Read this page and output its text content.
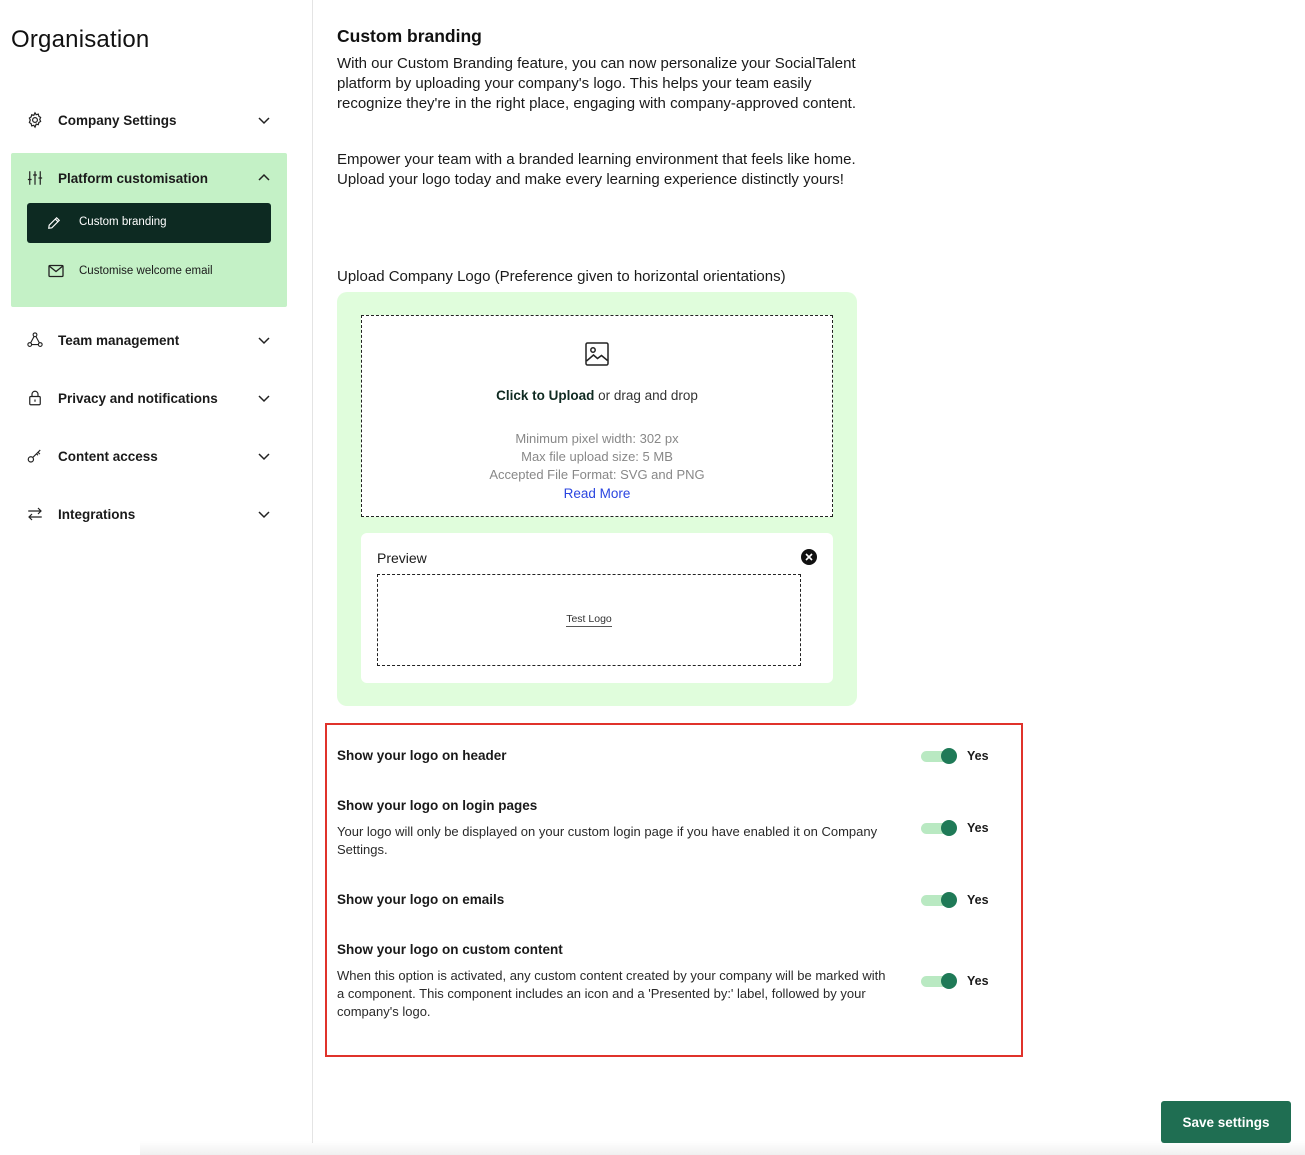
Organisation
Company Settings
Platform customisation
Custom branding
Customise welcome email
Team management
Privacy and notifications
Content access
Integrations
Custom branding

With our Custom Branding feature, you can now personalize your SocialTalent platform by uploading your company's logo. This helps your team easily recognize they're in the right place, engaging with company-approved content.

Empower your team with a branded learning environment that feels like home. Upload your logo today and make every learning experience distinctly yours!

Upload Company Logo (Preference given to horizontal orientations)
Click to Upload or drag and drop
Minimum pixel width: 302 px
Max file upload size: 5 MB
Accepted File Format: SVG and PNG
Read More
Preview
Test Logo
Show your logo on header	Yes
Show your logo on login pages
Your logo will only be displayed on your custom login page if you have enabled it on Company Settings.
Yes
Show your logo on emails	Yes
Show your logo on custom content
When this option is activated, any custom content created by your company will be marked with a component. This component includes an icon and a 'Presented by:' label, followed by your company's logo.
Yes
Save settings
